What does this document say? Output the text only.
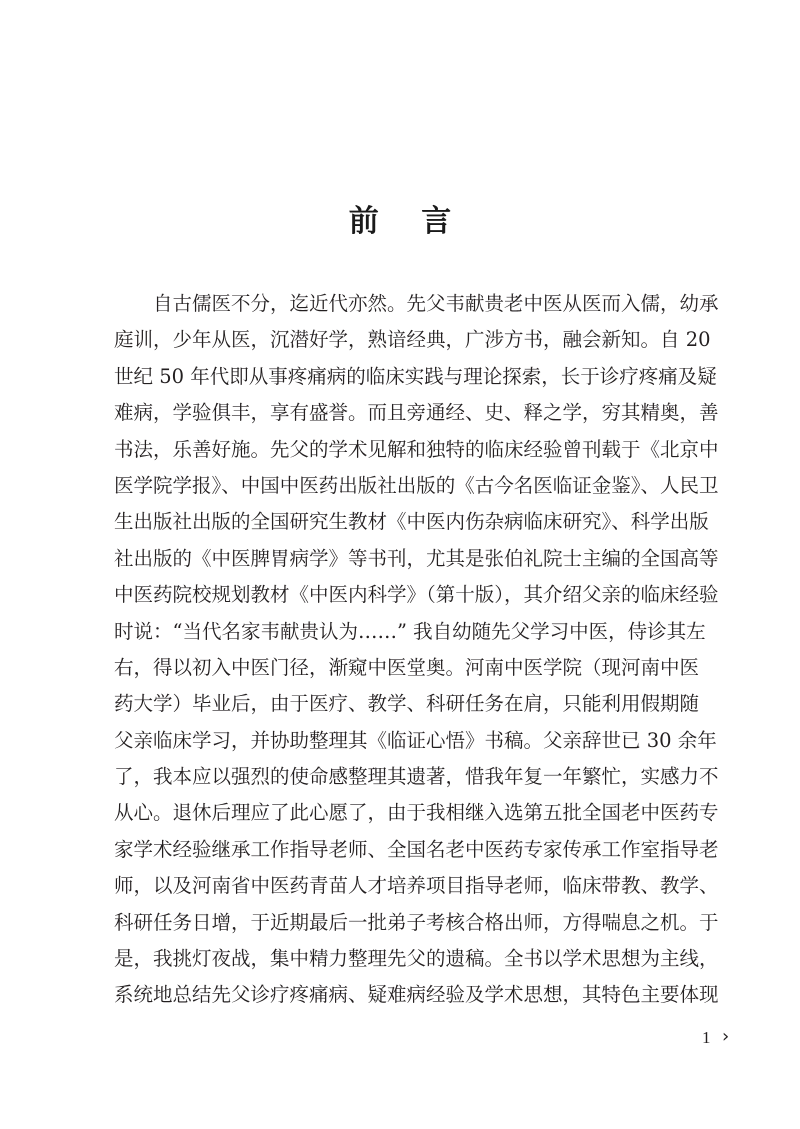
前 言
自古儒医不分，迄近代亦然。先父韦献贵老中医从医而入儒，幼承
庭训，少年从医，沉潜好学，熟谙经典，广涉方书，融会新知。自 20
世纪 50 年代即从事疼痛病的临床实践与理论探索，长于诊疗疼痛及疑
难病，学验俱丰，享有盛誉。而且旁通经、史、释之学，穷其精奥，善
书法，乐善好施。先父的学术见解和独特的临床经验曾刊载于《北京中
医学院学报》、中国中医药出版社出版的《古今名医临证金鉴》、人民卫
生出版社出版的全国研究生教材《中医内伤杂病临床研究》、科学出版
社出版的《中医脾胃病学》等书刊，尤其是张伯礼院士主编的全国高等
中医药院校规划教材《中医内科学》（第十版），其介绍父亲的临床经验
时说：“当代名家韦献贵认为……” 我自幼随先父学习中医，侍诊其左
右，得以初入中医门径，渐窥中医堂奥。河南中医学院（现河南中医
药大学）毕业后，由于医疗、教学、科研任务在肩，只能利用假期随
父亲临床学习，并协助整理其《临证心悟》书稿。父亲辞世已 30 余年
了，我本应以强烈的使命感整理其遗著，惜我年复一年繁忙，实感力不
从心。退休后理应了此心愿了，由于我相继入选第五批全国老中医药专
家学术经验继承工作指导老师、全国名老中医药专家传承工作室指导老
师，以及河南省中医药青苗人才培养项目指导老师，临床带教、教学、
科研任务日增，于近期最后一批弟子考核合格出师，方得喘息之机。于
是，我挑灯夜战，集中精力整理先父的遗稿。全书以学术思想为主线，
系统地总结先父诊疗疼痛病、疑难病经验及学术思想，其特色主要体现
1 ›
